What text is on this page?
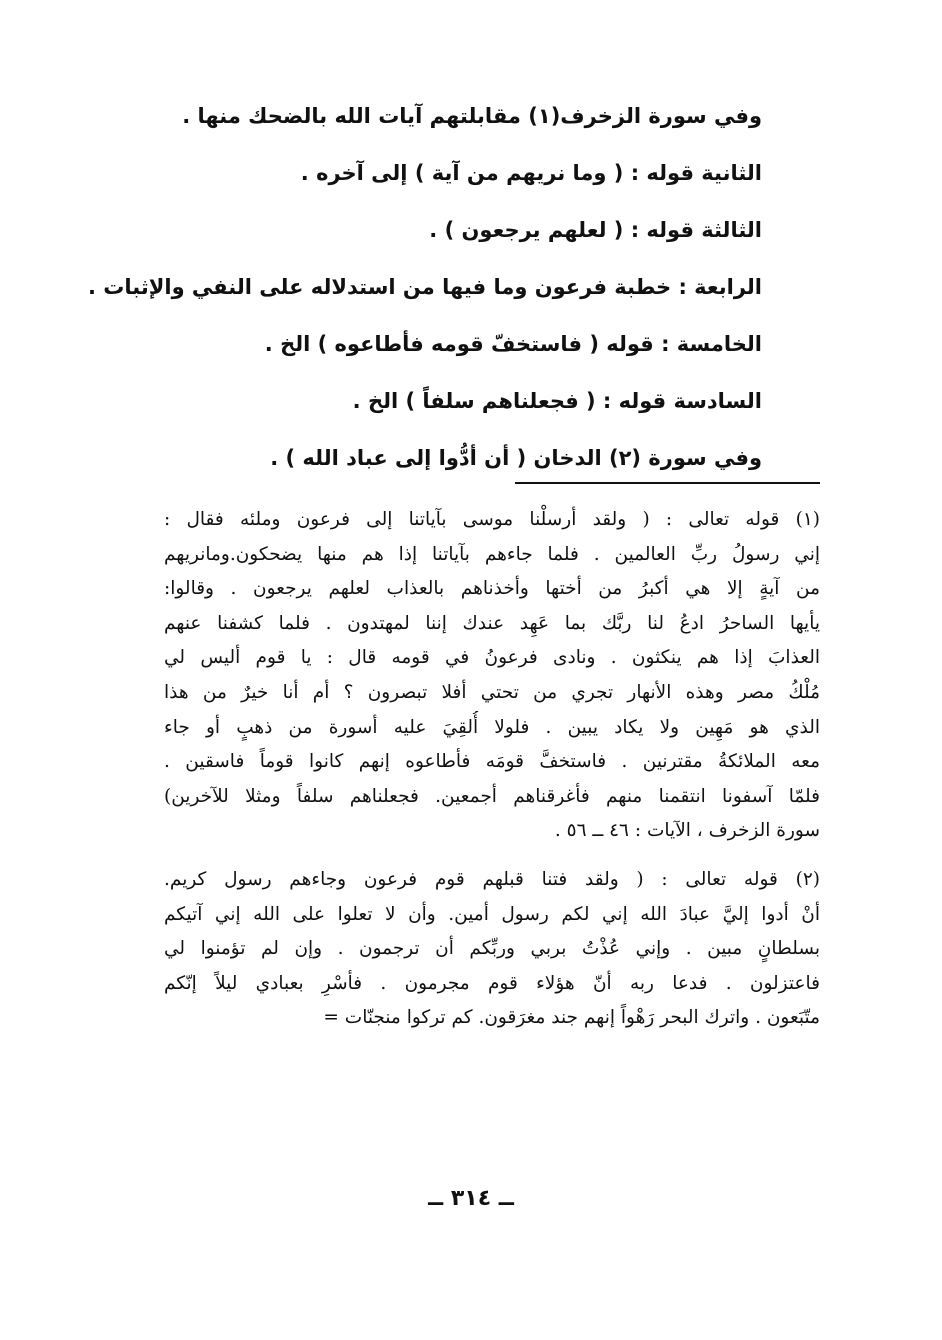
وفي سورة الزخرف(١) مقابلتهم آيات الله بالضحك منها .
الثانية قوله : ( وما نريهم من آية ) إلى آخره .
الثالثة قوله : ( لعلهم يرجعون ) .
الرابعة : خطبة فرعون وما فيها من استدلاله على النفي والإثبات .
الخامسة : قوله ( فاستخفّ قومه فأطاعوه ) الخ .
السادسة قوله : ( فجعلناهم سلفاً ) الخ .
وفي سورة (٢) الدخان ( أن أدُّوا إلى عباد الله ) .
(١) قوله تعالى : ( ولقد أرسلْنا موسى بآياتنا إلى فرعون وملئه فقال :
إني رسولُ ربِّ العالمين . فلما جاءهم بآياتنا إذا هم منها يضحكون.ومانريهم
من آيةٍ إلا هي أكبرُ من أختها وأخذناهم بالعذاب لعلهم يرجعون . وقالوا:
يأيها الساحرُ ادعُ لنا ربَّك بما عَهِد عندك إننا لمهتدون . فلما كشفنا عنهم
العذابَ إذا هم ينكثون . ونادى فرعونُ في قومه قال : يا قوم أليس لي
مُلْكُ مصر وهذه الأنهار تجري من تحتي أفلا تبصرون ؟ أم أنا خيرٌ من هذا
الذي هو مَهِين ولا يكاد يبين . فلولا أُلقِيَ عليه أسورة من ذهبٍ أو جاء
معه الملائكةُ مقترنين . فاستخفَّ قومَه فأطاعوه إنهم كانوا قوماً فاسقين .
فلمّا آسفونا انتقمنا منهم فأغرقناهم أجمعين. فجعلناهم سلفاً ومثلا للآخرين)
سورة الزخرف ، الآيات : ٤٦ ــ ٥٦ .
(٢) قوله تعالى : ( ولقد فتنا قبلهم قوم فرعون وجاءهم رسول كريم.
أنْ أدوا إليَّ عبادَ الله إني لكم رسول أمين. وأن لا تعلوا على الله إني آتيكم
بسلطانٍ مبين . وإني عُذْتُ بربي وربِّكم أن ترجمون . وإن لم تؤمنوا لي
فاعتزلون . فدعا ربه أنّ هؤلاء قوم مجرمون . فأسْرِ بعبادي ليلاً إنّكم
متّبَعون . واترك البحر رَهْواً إنهم جند مغرَقون. كم تركوا منجنّات =
ــ ٣١٤ ــ
